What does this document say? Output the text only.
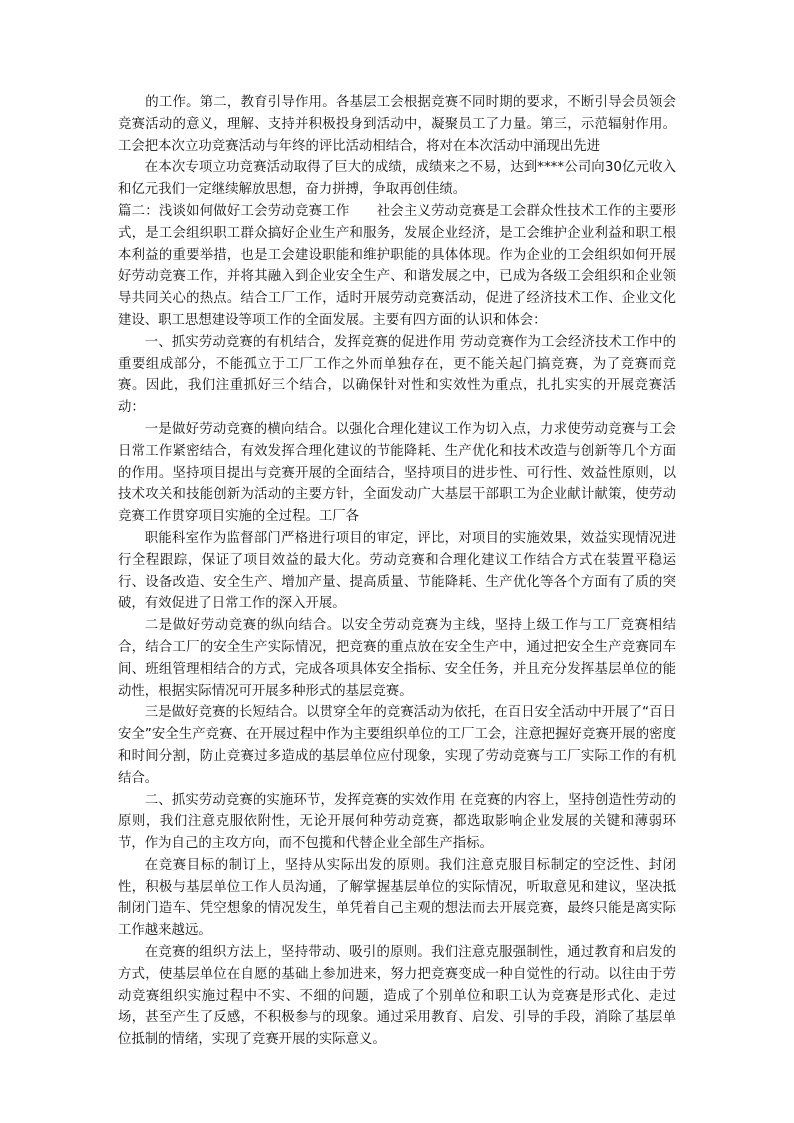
　　的工作。第二，教育引导作用。各基层工会根据竞赛不同时期的要求，不断引导会员领会竞赛活动的意义，理解、支持并积极投身到活动中，凝聚员工了力量。第三，示范辐射作用。工会把本次立功竞赛活动与年终的评比活动相结合，将对在本次活动中涌现出先进

在本次专项立功竞赛活动取得了巨大的成绩，成绩来之不易，达到****公司向30亿元收入和亿元我们一定继续解放思想，奋力拼搏，争取再创佳绩。

篇二：浅谈如何做好工会劳动竞赛工作　　社会主义劳动竞赛是工会群众性技术工作的主要形式，是工会组织职工群众搞好企业生产和服务，发展企业经济，是工会维护企业利益和职工根本利益的重要举措，也是工会建设职能和维护职能的具体体现。作为企业的工会组织如何开展好劳动竞赛工作，并将其融入到企业安全生产、和谐发展之中，已成为各级工会组织和企业领导共同关心的热点。结合工厂工作，适时开展劳动竞赛活动，促进了经济技术工作、企业文化建设、职工思想建设等项工作的全面发展。主要有四方面的认识和体会：

一、抓实劳动竞赛的有机结合，发挥竞赛的促进作用 劳动竞赛作为工会经济技术工作中的重要组成部分，不能孤立于工厂工作之外而单独存在，更不能关起门搞竞赛，为了竞赛而竞赛。因此，我们注重抓好三个结合，以确保针对性和实效性为重点，扎扎实实的开展竞赛活动：

一是做好劳动竞赛的横向结合。以强化合理化建议工作为切入点，力求使劳动竞赛与工会日常工作紧密结合，有效发挥合理化建议的节能降耗、生产优化和技术改造与创新等几个方面的作用。坚持项目提出与竞赛开展的全面结合，坚持项目的进步性、可行性、效益性原则，以技术攻关和技能创新为活动的主要方针，全面发动广大基层干部职工为企业献计献策，使劳动竞赛工作贯穿项目实施的全过程。工厂各

职能科室作为监督部门严格进行项目的审定，评比，对项目的实施效果，效益实现情况进行全程跟踪，保证了项目效益的最大化。劳动竞赛和合理化建议工作结合方式在装置平稳运行、设备改造、安全生产、增加产量、提高质量、节能降耗、生产优化等各个方面有了质的突破，有效促进了日常工作的深入开展。

二是做好劳动竞赛的纵向结合。以安全劳动竞赛为主线，坚持上级工作与工厂竞赛相结合，结合工厂的安全生产实际情况，把竞赛的重点放在安全生产中，通过把安全生产竞赛同车间、班组管理相结合的方式，完成各项具体安全指标、安全任务，并且充分发挥基层单位的能动性，根据实际情况可开展多种形式的基层竞赛。

三是做好竞赛的长短结合。以贯穿全年的竞赛活动为依托，在百日安全活动中开展了“百日安全”安全生产竞赛、在开展过程中作为主要组织单位的工厂工会，注意把握好竞赛开展的密度和时间分割，防止竞赛过多造成的基层单位应付现象，实现了劳动竞赛与工厂实际工作的有机结合。

二、抓实劳动竞赛的实施环节，发挥竞赛的实效作用 在竞赛的内容上，坚持创造性劳动的原则，我们注意克服依附性，无论开展何种劳动竞赛，都选取影响企业发展的关键和薄弱环节，作为自己的主攻方向，而不包揽和代替企业全部生产指标。

在竞赛目标的制订上，坚持从实际出发的原则。我们注意克服目标制定的空泛性、封闭性，积极与基层单位工作人员沟通，了解掌握基层单位的实际情况，听取意见和建议，坚决抵制闭门造车、凭空想象的情况发生，单凭着自己主观的想法而去开展竞赛，最终只能是离实际工作越来越远。

在竞赛的组织方法上，坚持带动、吸引的原则。我们注意克服强制性，通过教育和启发的方式，使基层单位在自愿的基础上参加进来，努力把竞赛变成一种自觉性的行动。以往由于劳动竞赛组织实施过程中不实、不细的问题，造成了个别单位和职工认为竞赛是形式化、走过场，甚至产生了反感，不积极参与的现象。通过采用教育、启发、引导的手段，消除了基层单位抵制的情绪，实现了竞赛开展的实际意义。
